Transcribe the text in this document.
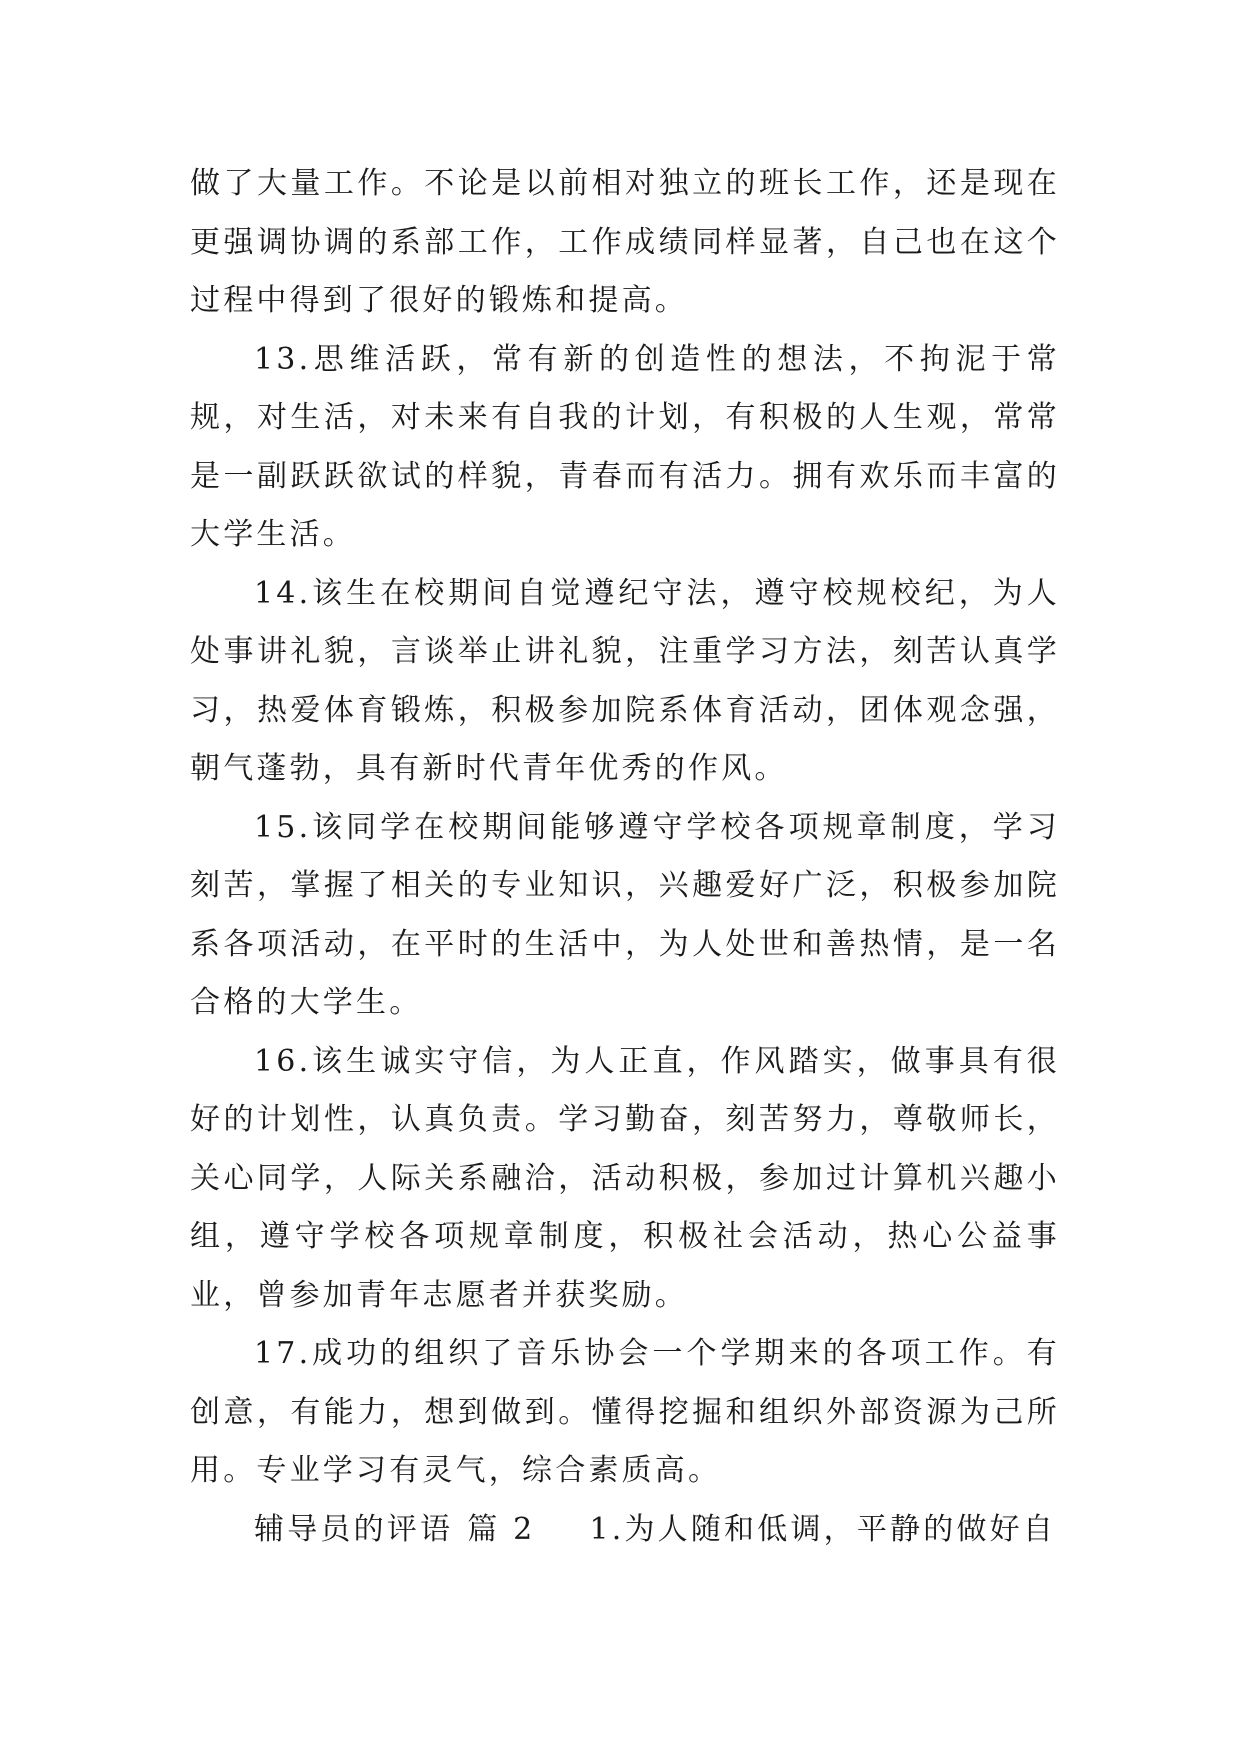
做了大量工作。不论是以前相对独立的班长工作，还是现在更强调协调的系部工作，工作成绩同样显著，自己也在这个过程中得到了很好的锻炼和提高。

13.思维活跃，常有新的创造性的想法，不拘泥于常规，对生活，对未来有自我的计划，有积极的人生观，常常是一副跃跃欲试的样貌，青春而有活力。拥有欢乐而丰富的大学生活。

14.该生在校期间自觉遵纪守法，遵守校规校纪，为人处事讲礼貌，言谈举止讲礼貌，注重学习方法，刻苦认真学习，热爱体育锻炼，积极参加院系体育活动，团体观念强，朝气蓬勃，具有新时代青年优秀的作风。

15.该同学在校期间能够遵守学校各项规章制度，学习刻苦，掌握了相关的专业知识，兴趣爱好广泛，积极参加院系各项活动，在平时的生活中，为人处世和善热情，是一名合格的大学生。

16.该生诚实守信，为人正直，作风踏实，做事具有很好的计划性，认真负责。学习勤奋，刻苦努力，尊敬师长，关心同学，人际关系融洽，活动积极，参加过计算机兴趣小组，遵守学校各项规章制度，积极社会活动，热心公益事业，曾参加青年志愿者并获奖励。

17.成功的组织了音乐协会一个学期来的各项工作。有创意，有能力，想到做到。懂得挖掘和组织外部资源为己所用。专业学习有灵气，综合素质高。

辅导员的评语 篇 2 1.为人随和低调，平静的做好自
